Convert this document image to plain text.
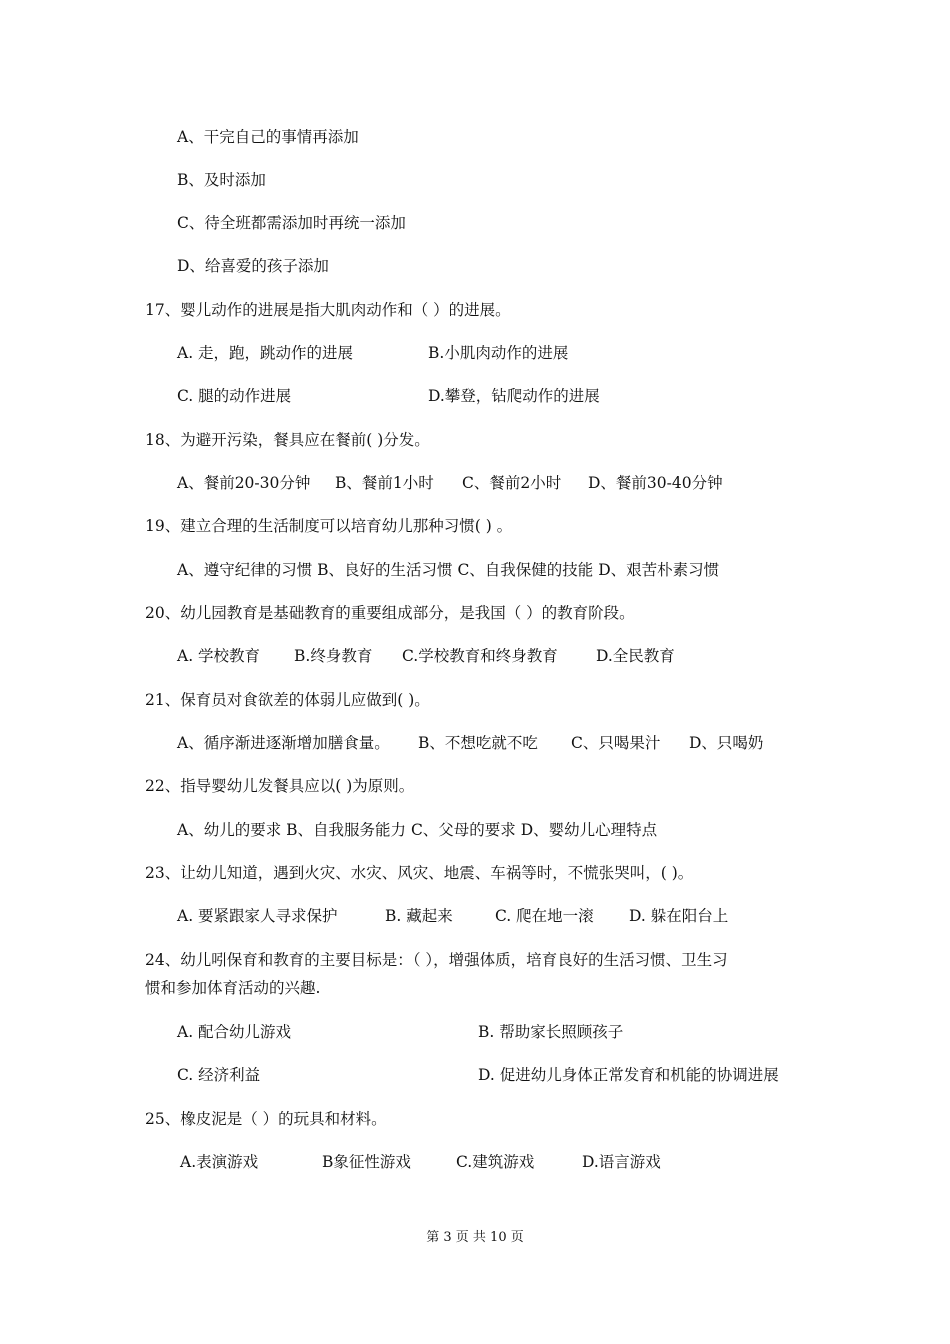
A、干完自己的事情再添加
B、及时添加
C、待全班都需添加时再统一添加
D、给喜爱的孩子添加
17、婴儿动作的进展是指大肌肉动作和（ ）的进展。
A. 走，跑，跳动作的进展	B.小肌肉动作的进展
C. 腿的动作进展	D.攀登，钻爬动作的进展
18、为避开污染，餐具应在餐前( )分发。
A、餐前20-30分钟 B、餐前1小时 C、餐前2小时 D、餐前30-40分钟
19、建立合理的生活制度可以培育幼儿那种习惯( ) 。
A、遵守纪律的习惯 B、良好的生活习惯 C、自我保健的技能 D、艰苦朴素习惯
20、幼儿园教育是基础教育的重要组成部分，是我国（ ）的教育阶段。
A. 学校教育 B.终身教育 C.学校教育和终身教育 D.全民教育
21、保育员对食欲差的体弱儿应做到( )。
A、循序渐进逐渐增加膳食量。 B、不想吃就不吃 C、只喝果汁 D、只喝奶
22、指导婴幼儿发餐具应以( )为原则。
A、幼儿的要求 B、自我服务能力 C、父母的要求 D、婴幼儿心理特点
23、让幼儿知道，遇到火灾、水灾、风灾、地震、车祸等时，不慌张哭叫，( )。
A. 要紧跟家人寻求保护	B. 藏起来	C. 爬在地一滚 D. 躲在阳台上
24、幼儿吲保育和教育的主要目标是：（ ），增强体质，培育良好的生活习惯、卫生习
惯和参加体育活动的兴趣.
A. 配合幼儿游戏	B. 帮助家长照顾孩子
C. 经济利益	D. 促进幼儿身体正常发育和机能的协调进展
25、橡皮泥是（ ）的玩具和材料。
A.表演游戏	B象征性游戏	C.建筑游戏	D.语言游戏
第 3 页 共 10 页
